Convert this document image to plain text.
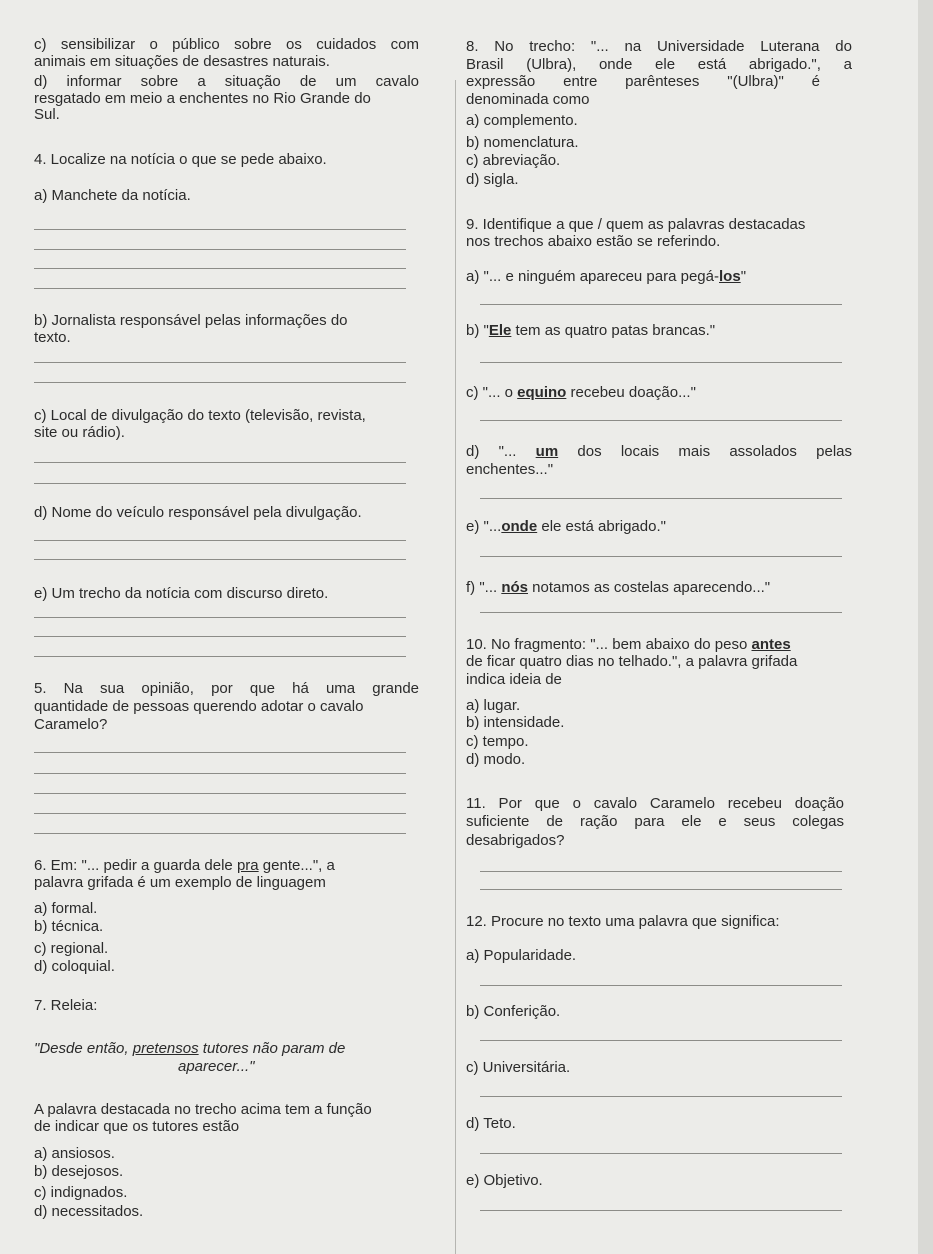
c) sensibilizar o público sobre os cuidados com
animais em situações de desastres naturais.
d) informar sobre a situação de um cavalo
resgatado em meio a enchentes no Rio Grande do
Sul.
4. Localize na notícia o que se pede abaixo.
a) Manchete da notícia.
b) Jornalista responsável pelas informações do
texto.
c) Local de divulgação do texto (televisão, revista,
site ou rádio).
d) Nome do veículo responsável pela divulgação.
e) Um trecho da notícia com discurso direto.
5. Na sua opinião, por que há uma grande
quantidade de pessoas querendo adotar o cavalo
Caramelo?
6. Em: "... pedir a guarda dele pra gente...", a
palavra grifada é um exemplo de linguagem
a) formal.
b) técnica.
c) regional.
d) coloquial.
7. Releia:
"Desde então, pretensos tutores não param de
aparecer..."
A palavra destacada no trecho acima tem a função
de indicar que os tutores estão
a) ansiosos.
b) desejosos.
c) indignados.
d) necessitados.
8. No trecho: "... na Universidade Luterana do
Brasil (Ulbra), onde ele está abrigado.", a
expressão entre parênteses "(Ulbra)" é
denominada como
a) complemento.
b) nomenclatura.
c) abreviação.
d) sigla.
9. Identifique a que / quem as palavras destacadas
nos trechos abaixo estão se referindo.
a) "... e ninguém apareceu para pegá-los"
b) "Ele tem as quatro patas brancas."
c) "... o equino recebeu doação..."
d) "... um dos locais mais assolados pelas
enchentes..."
e) "...onde ele está abrigado."
f) "... nós notamos as costelas aparecendo..."
10. No fragmento: "... bem abaixo do peso antes
de ficar quatro dias no telhado.", a palavra grifada
indica ideia de
a) lugar.
b) intensidade.
c) tempo.
d) modo.
11. Por que o cavalo Caramelo recebeu doação
suficiente de ração para ele e seus colegas
desabrigados?
12. Procure no texto uma palavra que significa:
a) Popularidade.
b) Conferição.
c) Universitária.
d) Teto.
e) Objetivo.
